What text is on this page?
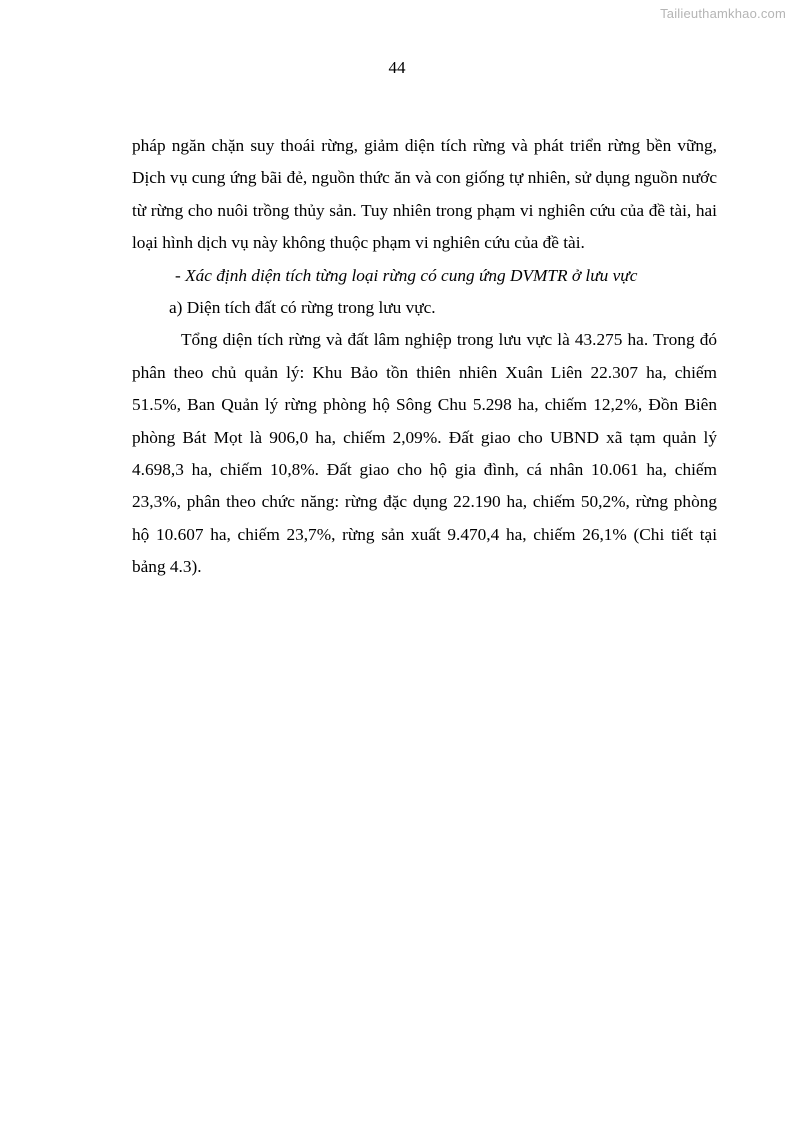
Tailieuthamkhao.com
44

pháp ngăn chặn suy thoái rừng, giảm diện tích rừng và phát triển rừng bền vững, Dịch vụ cung ứng bãi đẻ, nguồn thức ăn và con giống tự nhiên, sử dụng nguồn nước từ rừng cho nuôi trồng thủy sản. Tuy nhiên trong phạm vi nghiên cứu của đề tài, hai loại hình dịch vụ này không thuộc phạm vi nghiên cứu của đề tài.

- Xác định diện tích từng loại rừng có cung ứng DVMTR ở lưu vực

a) Diện tích đất có rừng trong lưu vực.

Tổng diện tích rừng và đất lâm nghiệp trong lưu vực là 43.275 ha. Trong đó phân theo chủ quản lý: Khu Bảo tồn thiên nhiên Xuân Liên 22.307 ha, chiếm 51.5%, Ban Quản lý rừng phòng hộ Sông Chu 5.298 ha, chiếm 12,2%, Đồn Biên phòng Bát Mọt là 906,0 ha, chiếm 2,09%. Đất giao cho UBND xã tạm quản lý 4.698,3 ha, chiếm 10,8%. Đất giao cho hộ gia đình, cá nhân 10.061 ha, chiếm 23,3%, phân theo chức năng: rừng đặc dụng 22.190 ha, chiếm 50,2%, rừng phòng hộ 10.607 ha, chiếm 23,7%, rừng sản xuất 9.470,4 ha, chiếm 26,1% (Chi tiết tại bảng 4.3).
